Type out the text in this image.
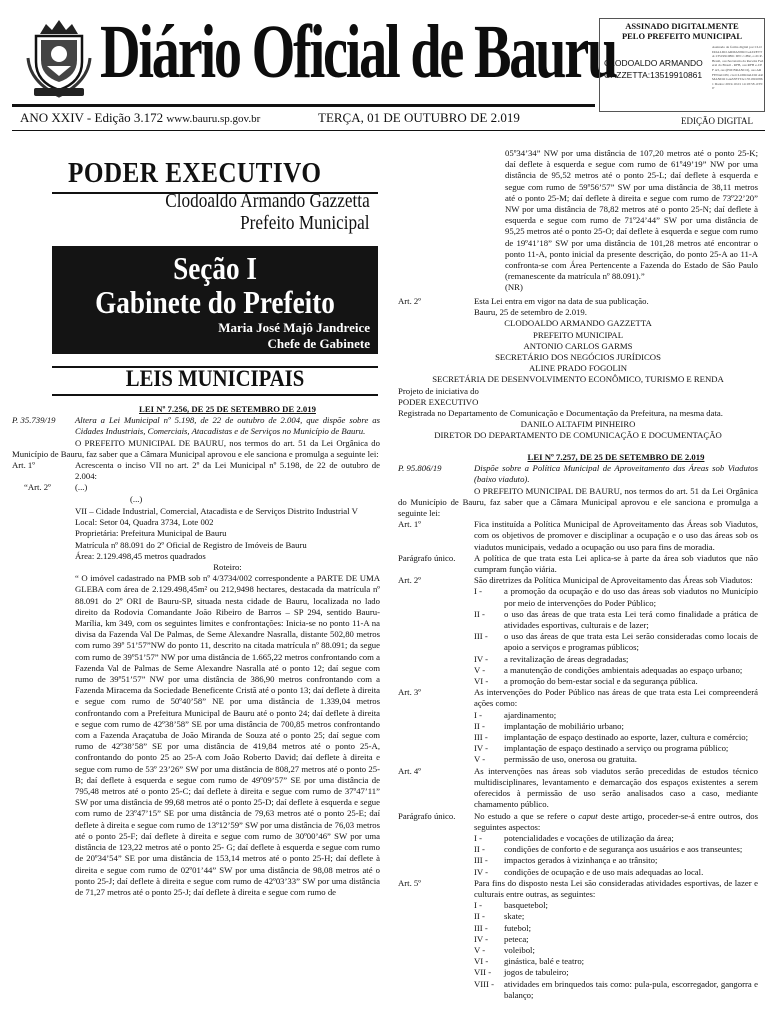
Diário Oficial de Bauru	ASSINADO DIGITALMENTE
PELO PREFEITO MUNICIPAL
CLODOALDO ARMANDO
GAZZETTA:13519910861
Assinado de forma digital por CLODOALDO ARMANDO GAZZETTA:13519910861 DN: c=BR, o=ICP-Brasil, ou=Secretaria da Receita Federal do Brasil - RFB, ou=RFB e-CPF A3, ou=(EM BRANCO), ou=AR FENACON, cn=CLODOALDO ARMANDO GAZZETTA:13519910861 Dados: 2019.10.01 14:18:58 -03'00'
ANO XXIV - Edição 3.172 www.bauru.sp.gov.br	TERÇA, 01 DE OUTUBRO DE 2.019	EDIÇÃO DIGITAL
PODER EXECUTIVO
Clodoaldo Armando Gazzetta
Prefeito Municipal
Seção I
Gabinete do Prefeito
Maria José Majô Jandreice
Chefe de Gabinete
LEIS MUNICIPAIS
LEI Nº 7.256, DE 25 DE SETEMBRO DE 2.019
P. 35.739/19	Altera a Lei Municipal nº 5.198, de 22 de outubro de 2.004, que dispõe sobre as Cidades Industriais, Comerciais, Atacadistas e de Serviços no Município de Bauru.
O PREFEITO MUNICIPAL DE BAURU, nos termos do art. 51 da Lei Orgânica do Município de Bauru, faz saber que a Câmara Municipal aprovou e ele sanciona e promulga a seguinte lei:
Art. 1º	Acrescenta o inciso VII no art. 2º da Lei Municipal nº 5.198, de 22 de outubro de 2.004:
“Art. 2º	(...)
(...)
VII – Cidade Industrial, Comercial, Atacadista e de Serviços Distrito Industrial V
Local: Setor 04, Quadra 3734, Lote 002
Proprietária: Prefeitura Municipal de Bauru
Matrícula nº 88.091 do 2º Oficial de Registro de Imóveis de Bauru
Área: 2.129.498,45 metros quadrados
Roteiro:
“ O imóvel cadastrado na PMB sob nº 4/3734/002 correspondente a PARTE DE UMA GLEBA com área de 2.129.498,45m² ou 212,9498 hectares, destacada da matrícula nº 88.091 do 2º ORI de Bauru-SP, situada nesta cidade de Bauru, localizada no lado direito da Rodovia Comandante João Ribeiro de Barros – SP 294, sentido Bauru-Marília, km 349, com os seguintes limites e confrontações: Inicia-se no ponto 11-A na divisa da Fazenda Val De Palmas, de Seme Alexandre Nasralla, distante 502,80 metros com rumo 39º 51’57”NW do ponto 11, descrito na citada matrícula nº 88.091; da segue com rumo de 39º51’57” NW por uma distância de 1.665,22 metros confrontando com a Fazenda Val de Palmas de Seme Alexandre Nasralla até o ponto 12; daí segue com rumo de 39º51’57” NW por uma distância de 386,90 metros confrontando com a Fazenda Miracema da Sociedade Beneficente Cristã até o ponto 13; daí deflete à direita e segue com rumo de 50º40’58” NE por uma distância de 1.339,04 metros confrontando com a Prefeitura Municipal de Bauru até o ponto 24; daí deflete à direita e segue com rumo de 42º38’58” SE por uma distância de 700,85 metros confrontando com a Fazenda Araçatuba de João Miranda de Souza até o ponto 25; daí segue com rumo de 42º38’58” SE por uma distância de 419,84 metros até o ponto 25-A, confrontando do ponto 25 ao 25-A com João Roberto David; daí deflete à direita e segue com rumo de 53º 23’26” SW por uma distância de 808,27 metros até o ponto 25-B; daí deflete à esquerda e segue com rumo de 49º09’57” SE por uma distância de 795,48 metros até o ponto 25-C; daí deflete à direita e segue com rumo de 37º47’11” SW por uma distância de 99,68 metros até o ponto 25-D; daí deflete à esquerda e segue com rumo de 23º47’15” SE por uma distância de 79,63 metros até o ponto 25-E; daí deflete à direita e segue com rumo de 13º12’59” SW por uma distância de 76,03 metros até o ponto 25-F; daí deflete à direita e segue com rumo de 30º00’46” SW por uma distância de 123,22 metros até o ponto 25- G; daí deflete à esquerda e segue com rumo de 20º34’54” SE por uma distância de 153,14 metros até o ponto 25-H; daí deflete à direita e segue com rumo de 02º01’44” SW por uma distância de 98,08 metros até o ponto 25-J; daí deflete à direita e segue com rumo de 42º03’33” SW por uma distância de 71,27 metros até o ponto 25-J; daí deflete à direita e segue com rumo de
05º34’34” NW por uma distância de 107,20 metros até o ponto 25-K; daí deflete à esquerda e segue com rumo de 61º49’19” NW por uma distância de 95,52 metros até o ponto 25-L; daí deflete à esquerda e segue com rumo de 59º56’57” SW por uma distância de 38,11 metros até o ponto 25-M; daí deflete à direita e segue com rumo de 73º22’20” NW por uma distância de 78,82 metros até o ponto 25-N; daí deflete à esquerda e segue com rumo de 71º24’44” SW por uma distância de 95,25 metros até o ponto 25-O; daí deflete à esquerda e segue com rumo de 19º41’18” SW por uma distância de 101,28 metros até encontrar o ponto 11-A, ponto inicial da presente descrição, do ponto 25-A ao 11-A confronta-se com Área Pertencente a Fazenda do Estado de São Paulo (remanescente da matrícula nº 88.091).”
(NR)
Art. 2º	Esta Lei entra em vigor na data de sua publicação.
Bauru, 25 de setembro de 2.019.
CLODOALDO ARMANDO GAZZETTA
PREFEITO MUNICIPAL
ANTONIO CARLOS GARMS
SECRETÁRIO DOS NEGÓCIOS JURÍDICOS
ALINE PRADO FOGOLIN
SECRETÁRIA DE DESENVOLVIMENTO ECONÔMICO, TURISMO E RENDA
Projeto de iniciativa do
PODER EXECUTIVO
Registrada no Departamento de Comunicação e Documentação da Prefeitura, na mesma data.
DANILO ALTAFIM PINHEIRO
DIRETOR DO DEPARTAMENTO DE COMUNICAÇÃO E DOCUMENTAÇÃO
LEI Nº 7.257, DE 25 DE SETEMBRO DE 2.019
P. 95.806/19	Dispõe sobre a Política Municipal de Aproveitamento das Áreas sob Viadutos (baixo viaduto).
O PREFEITO MUNICIPAL DE BAURU, nos termos do art. 51 da Lei Orgânica do Município de Bauru, faz saber que a Câmara Municipal aprovou e ele sanciona e promulga a seguinte lei:
Art. 1º	Fica instituída a Política Municipal de Aproveitamento das Áreas sob Viadutos, com os objetivos de promover e disciplinar a ocupação e o uso das áreas sob os viadutos municipais, vedado a ocupação ou uso para fins de moradia.
Parágrafo único.	A política de que trata esta Lei aplica-se à parte da área sob viadutos que não cumpram função viária.
Art. 2º	São diretrizes da Política Municipal de Aproveitamento das Áreas sob Viadutos:
I -	a promoção da ocupação e do uso das áreas sob viadutos no Município por meio de intervenções do Poder Público;
II -	o uso das áreas de que trata esta Lei terá como finalidade a prática de atividades esportivas, culturais e de lazer;
III -	o uso das áreas de que trata esta Lei serão consideradas como locais de apoio a serviços e programas públicos;
IV -	a revitalização de áreas degradadas;
V -	a manutenção de condições ambientais adequadas ao espaço urbano;
VI -	a promoção do bem-estar social e da segurança pública.
Art. 3º	As intervenções do Poder Público nas áreas de que trata esta Lei compreenderá ações como:
I -	ajardinamento;
II -	implantação de mobiliário urbano;
III -	implantação de espaço destinado ao esporte, lazer, cultura e comércio;
IV -	implantação de espaço destinado a serviço ou programa público;
V -	permissão de uso, onerosa ou gratuita.
Art. 4º	As intervenções nas áreas sob viadutos serão precedidas de estudos técnico multidisciplinares, levantamento e demarcação dos espaços existentes a serem oferecidos à permissão de uso serão analisados caso a caso, mediante chamamento público.
Parágrafo único.	No estudo a que se refere o caput deste artigo, proceder-se-á entre outros, dos seguintes aspectos:
I -	potencialidades e vocações de utilização da área;
II -	condições de conforto e de segurança aos usuários e aos transeuntes;
III -	impactos gerados à vizinhança e ao trânsito;
IV -	condições de ocupação e de uso mais adequadas ao local.
Art. 5º	Para fins do disposto nesta Lei são consideradas atividades esportivas, de lazer e culturais entre outras, as seguintes:
I -	basquetebol;
II -	skate;
III -	futebol;
IV -	peteca;
V -	voleibol;
VI -	ginástica, balé e teatro;
VII -	jogos de tabuleiro;
VIII -	atividades em brinquedos tais como: pula-pula, escorregador, gangorra e balanço;
